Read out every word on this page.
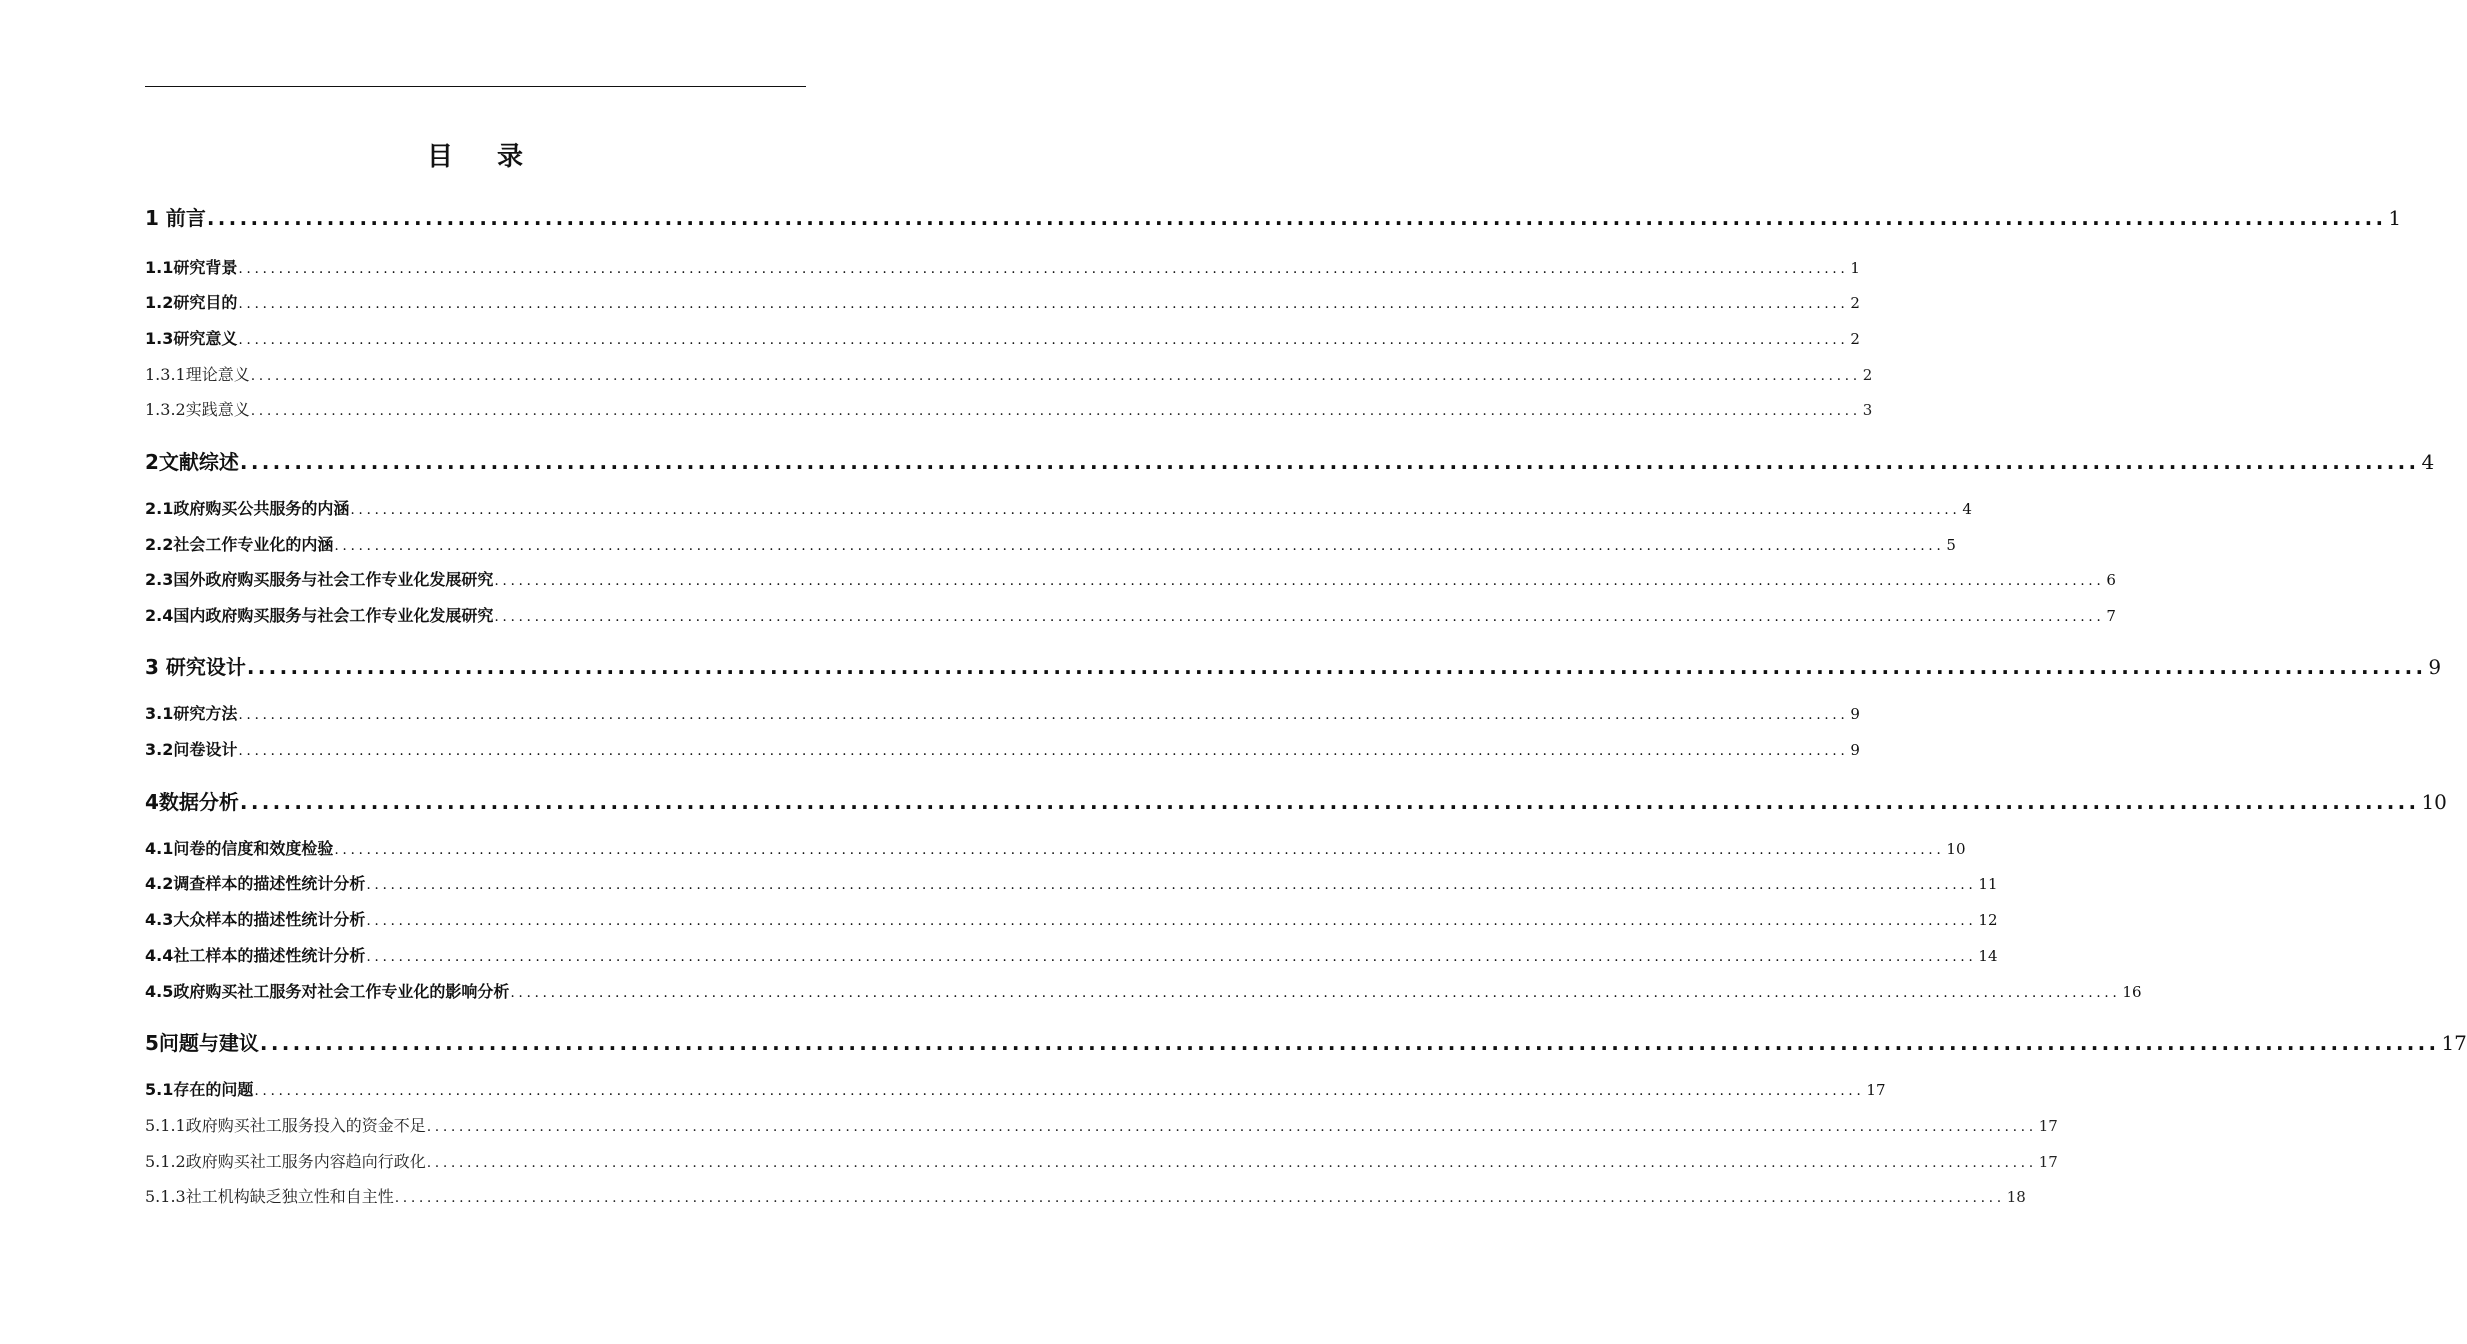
目录
1 前言 ........................................................................................................................................................................................................ 1
1.1研究背景 ........................................................................................................................................................................................................ 1
1.2研究目的 ........................................................................................................................................................................................................ 2
1.3研究意义 ........................................................................................................................................................................................................ 2
1.3.1理论意义 ........................................................................................................................................................................................................ 2
1.3.2实践意义 ........................................................................................................................................................................................................ 3
2文献综述 ........................................................................................................................................................................................................ 4
2.1政府购买公共服务的内涵 ........................................................................................................................................................................................................ 4
2.2社会工作专业化的内涵 ........................................................................................................................................................................................................ 5
2.3国外政府购买服务与社会工作专业化发展研究 ........................................................................................................................................................................................................ 6
2.4国内政府购买服务与社会工作专业化发展研究 ........................................................................................................................................................................................................ 7
3 研究设计 ........................................................................................................................................................................................................ 9
3.1研究方法 ........................................................................................................................................................................................................ 9
3.2问卷设计 ........................................................................................................................................................................................................ 9
4数据分析 ........................................................................................................................................................................................................ 10
4.1问卷的信度和效度检验 ........................................................................................................................................................................................................ 10
4.2调查样本的描述性统计分析 ........................................................................................................................................................................................................ 11
4.3大众样本的描述性统计分析 ........................................................................................................................................................................................................ 12
4.4社工样本的描述性统计分析 ........................................................................................................................................................................................................ 14
4.5政府购买社工服务对社会工作专业化的影响分析 ........................................................................................................................................................................................................ 16
5问题与建议 ........................................................................................................................................................................................................ 17
5.1存在的问题 ........................................................................................................................................................................................................ 17
5.1.1政府购买社工服务投入的资金不足 ........................................................................................................................................................................................................ 17
5.1.2政府购买社工服务内容趋向行政化 ........................................................................................................................................................................................................ 17
5.1.3社工机构缺乏独立性和自主性 ........................................................................................................................................................................................................ 18
